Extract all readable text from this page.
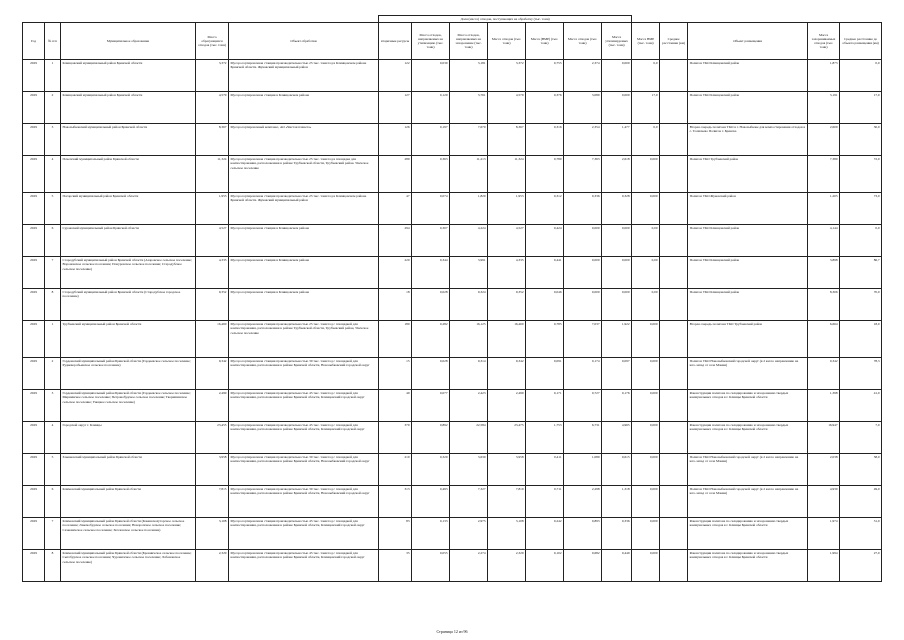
					Доля (масса) отходов, поступающих на обработку (тыс. тонн)											
Год	№ п/п	Муниципальное образование	Масса образующихся отходов (тыс. тонн)	Объект обработки	вторичные ресурсы	Масса отходов, направляемых на утилизацию (тыс. тонн)	Масса отходов, направляемых на захоронение (тыс. тонн)	Масса отходов (тыс. тонн)	Масса (ВМР) (тыс. тонн)	Масса отходов (тыс. тонн)	Масса утилизируемых (тыс. тонн)	Масса ВМР (тыс. тонн)	Среднее расстояние (км)	Объект размещения	Масса захораниваемых отходов (тыс. тонн)	Среднее расстояние до объекта размещения (км)
2029	1	Клинцовский муниципальный район Брянской области	3,372	Мусоросортировочная станция производительностью 25 тыс. тонн/год в Клинцовском районе Брянской области. Жуковский муниципальный район	122	0,030	3,181	3,372	0,755	2,374	0,000	0,0		Полигон ТКО Клинцовский район	1,873	0,0
2029	2	Клинцовский муниципальный район Брянской области	4,579	Мусоросортировочная станция в Клинцовском районе	127	0,129	3,761	4,579	0,376	3,080	0,000	17,0		Полигон ТКО Клинцовский район	3,191	17,0
2029	3	Новозыбковский муниципальный район Брянской области	8,367	Мусоросортировочный комплекс, АО «Чистая планета»	126	0,197	7,670	8,367	0,316	2,354	1,477	0,0		Вторая очередь полигона ТКО в г. Новозыбкове для компостирования отходов в с. Толмачево Полигон г. Брянска	2,609	30,0
2029	4	Почепский муниципальный район Брянской области	11,324	Мусоросортировочная станция производительностью 25 тыс. тонн/год в площадке для компостирования, расположенная в районе Трубчевской области, Трубчевский район. Унечское сельское поселение	289	0,363	11,213	11,324	0,780	7,363	2,618	0,000		Полигон ТКО Трубчевский район	7,380	72,0
2029	5	Погарский муниципальный район Брянской области	1,953	Мусоросортировочная станция производительностью 25 тыс. тонн/год в Клинцовском районе Брянской области. Жуковский муниципальный район	47	0,074	1,820	1,953	0,312	0,336	0,328	0,000		Полигон ТКО Жуковский район	1,205	73,0
2029	6	Суражский муниципальный район Брянской области	4,527	Мусоросортировочная станция в Клинцовском районе	294	0,307	4,224	4,527	0,424	0,000	0,000	0,00		Полигон ТКО Клинцовский район	4,144	0,0
2029	7	Стародубский муниципальный район Брянской области (Азаровское сельское поселение; Воронокское сельское поселение; Понуровское сельское поселение; Стародубское сельское поселение)	4,335	Мусоросортировочная станция в Клинцовском районе	220	0,344	3,991	4,335	0,441	0,000	0,000	0,00		Полигон ТКО Клинцовский район	3,898	86,7
2029	8	Стародубский муниципальный район Брянской области (Стародубское городское поселение)	9,352	Мусоросортировочная станция в Клинцовском районе	18	0,028	9,324	9,352	0,046	0,000	0,000	0,00		Полигон ТКО Клинцовский район	8,306	70,0
2029	1	Трубчевский муниципальный район Брянской области	16,460	Мусоросортировочная станция производительностью 25 тыс. тонн/год с площадкой для компостирования, расположенная в районе Трубчевской области, Трубчевский район, Унечское сельское поселение	180	0,282	16,125	16,460	0,785	7,037	1,922	0,000		Вторая очередь полигона ТКО Трубчевский район	6,664	18,0
2029	2	Гордеевский муниципальный район Брянской области (Гордеевское сельское поселение; Рудневоробьевское сельское поселение)	9,342	Мусоросортировочная станция производительностью 30 тыс. тонн/год с площадкой для компостирования, расположенная в районе Брянской области, Новозыбковский городской округ	15	0,028	9,314	9,342	0,091	0,174	0,097	0,000		Полигон ТКО Новозыбковский городской округ (в 2 км по направлению на юго-запад от села Мамаи)	0,342	78,3
2029	3	Гордеевский муниципальный район Брянской области (Гордеевское сельское поселение; Мирнинское сельское поселение; Петровобудское сельское поселение; Творишинское сельское поселение; Унецкое сельское поселение)	2,499	Мусоросортировочная станция производительностью 45 тыс. тонн/год с площадкой для компостирования, расположенная в районе Брянской области, Клинцовский городской округ	49	0,077	2,423	2,499	0,171	0,727	0,176	0,000		Реконструкция полигона по складированию и захоронению твердых коммунальных отходов в г. Клинцы Брянской области	1,398	41,0
2029	4	Городской округ г. Клинцы	23,455	Мусоросортировочная станция производительностью 45 тыс. тонн/год с площадкой для компостирования, расположенная в районе Брянской области, Клинцовский городской округ	370	0,892	22,584	23,475	1,753	6,731	4,965	0,000		Реконструкция полигона по складированию и захоронению твердых коммунальных отходов в г. Клинцы Брянской области	16,947	7,0
2029	5	Злынковский муниципальный район Брянской области	3,958	Мусоросортировочная станция производительностью 30 тыс. тонн/год с площадкой для компостирования, расположенная в районе Брянской области, Новозыбковский городской округ	210	0,329	3,630	3,958	0,411	1,089	0,615	0,000		Полигон ТКО Новозыбковский городской округ (в 2 км по направлению на юго-запад от села Мамаи)	2,038	58,0
2029	6	Климовский муниципальный район Брянской области	7,815	Мусоросортировочная станция производительностью 30 тыс. тонн/год с площадкой для компостирования, расположенная в районе Брянской области, Новозыбковский городской округ	313	0,493	7,327	7,819	0,711	2,298	1,318	0,000		Полигон ТКО Новозыбковский городской округ (в 2 км по направлению на юго-запад от села Мамаи)	4,930	49,0
2029	7	Климовский муниципальный район Брянской области (Каменскохуторское сельское поселение; Лакомобудское сельское поселение; Новоропское сельское поселение; Сачковичское сельское поселение; Хохловское сельское поселение)	3,108	Мусоросортировочная станция производительностью 45 тыс. тонн/год с площадкой для компостирования, расположенная в районе Брянской области, Клинцовский городской округ	83	0,133	2,975	3,108	0,242	0,893	0,336	0,000		Реконструкция полигона по складированию и захоронению твердых коммунальных отходов в г. Клинцы Брянской области	1,974	31,0
2029	8	Климовский муниципальный район Брянской области (Бровничское сельское поселение; Сытобудское сельское поселение; Чуровичское сельское поселение; Лобановское сельское поселение)	2,329	Мусоросортировочная станция производительностью 45 тыс. тонн/год с площадкой для компостирования, расположенная в районе Брянской области, Клинцовский городской округ	35	0,055	2,274	2,329	0,102	0,682	0,449	0,000		Реконструкция полигона по складированию и захоронению твердых коммунальных отходов в г. Клинцы Брянской области	1,994	27,0
Страница 12 из 96
